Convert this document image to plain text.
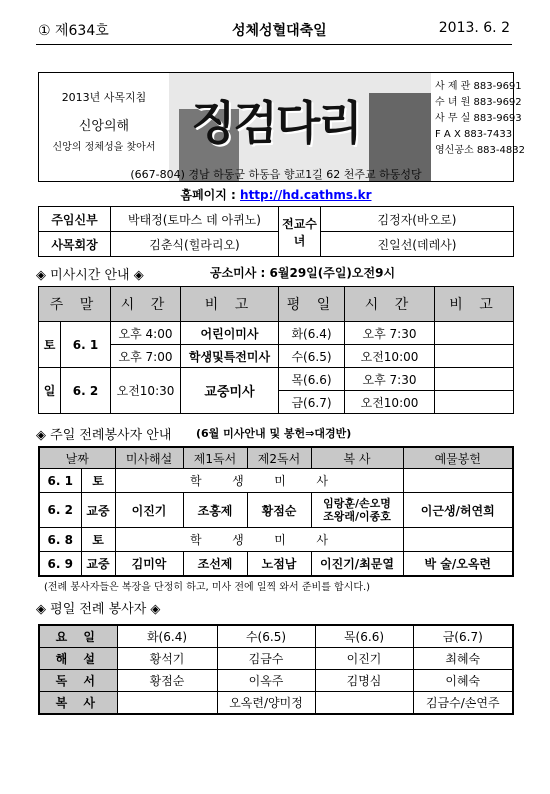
① 제634호	성체성혈대축일	2013. 6. 2
2013년 사목지침
신앙의해
신앙의 정체성을 찾아서 징검다리
사 제 관 883-9691
수 녀 원 883-9692
사 무 실 883-9693
F A X 883-7433
영신공소 883-4832
(667-804) 경남 하동군 하동읍 향교1길 62 천주교 하동성당
홈페이지 : http://hd.cathms.kr
주임신부	박태정(토마스 데 아퀴노)	전교수녀	김정자(바오로)
사목회장	김춘식(힐라리오)		진일선(데레사)
◈ 미사시간 안내 ◈	공소미사 : 6월29일(주일)오전9시
주 말		시 간	비 고	평 일	시 간	비 고
토	6. 1	오후 4:00	어린이미사	화(6.4)	오후 7:30	
		오후 7:00	학생및특전미사	수(6.5)	오전10:00	
일	6. 2	오전10:30	교중미사	목(6.6)	오후 7:30	
				금(6.7)	오전10:00	
◈ 주일 전례봉사자 안내 (6월 미사안내 및 봉헌⇒대경반)
날짜		미사해설	제1독서	제2독서	복 사	예물봉헌
6. 1	토	학        생        미        사				
6. 2	교중	이진기	조홍제	황점순	임랑훈/손오명
조왕래/이종호	이근생/허연희
6. 8	토	학        생        미        사				
6. 9	교중	김미악	조선제	노점남	이진기/최문열	박 술/오옥련
(전례 봉사자들은 복장을 단정히 하고, 미사 전에 일찍 와서 준비를 합시다.)
◈ 평일 전례 봉사자 ◈
요 일	화(6.4)	수(6.5)	목(6.6)	금(6.7)
해 설	황석기	김금수	이진기	최혜숙
독 서	황점순	이옥주	김명심	이혜숙
복 사		오옥련/양미정		김금수/손연주
